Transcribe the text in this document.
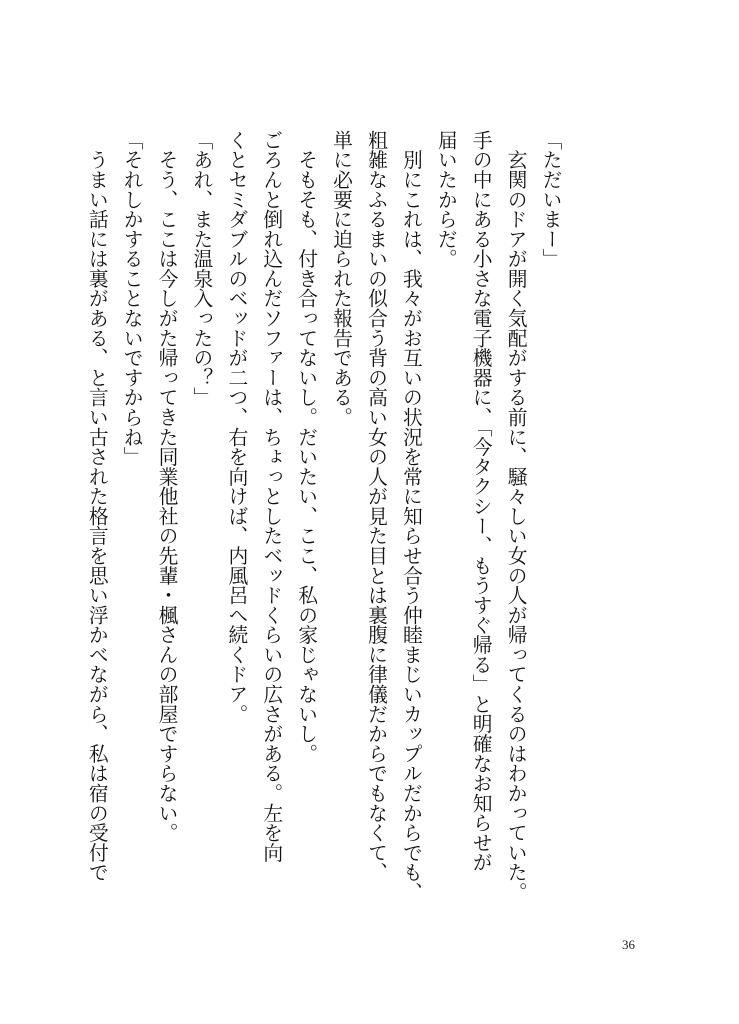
「ただいまー」
　玄関のドアが開く気配がする前に、騒々しい女の人が帰ってくるのはわかっていた。
手の中にある小さな電子機器に、「今タクシー、もうすぐ帰る」と明確なお知らせが
届いたからだ。
　別にこれは、我々がお互いの状況を常に知らせ合う仲睦まじいカップルだからでも、
粗雑なふるまいの似合う背の高い女の人が見た目とは裏腹に律儀だからでもなくて、
単に必要に迫られた報告である。
　そもそも、付き合ってないし。だいたい、ここ、私の家じゃないし。
ごろんと倒れ込んだソファーは、ちょっとしたベッドくらいの広さがある。左を向
くとセミダブルのベッドが二つ、右を向けば、内風呂へ続くドア。
「あれ、また温泉入ったの？」
　そう、ここは今しがた帰ってきた同業他社の先輩・楓さんの部屋ですらない。
「それしかすることないですからね」
　うまい話には裏がある、と言い古された格言を思い浮かべながら、私は宿の受付で
36
